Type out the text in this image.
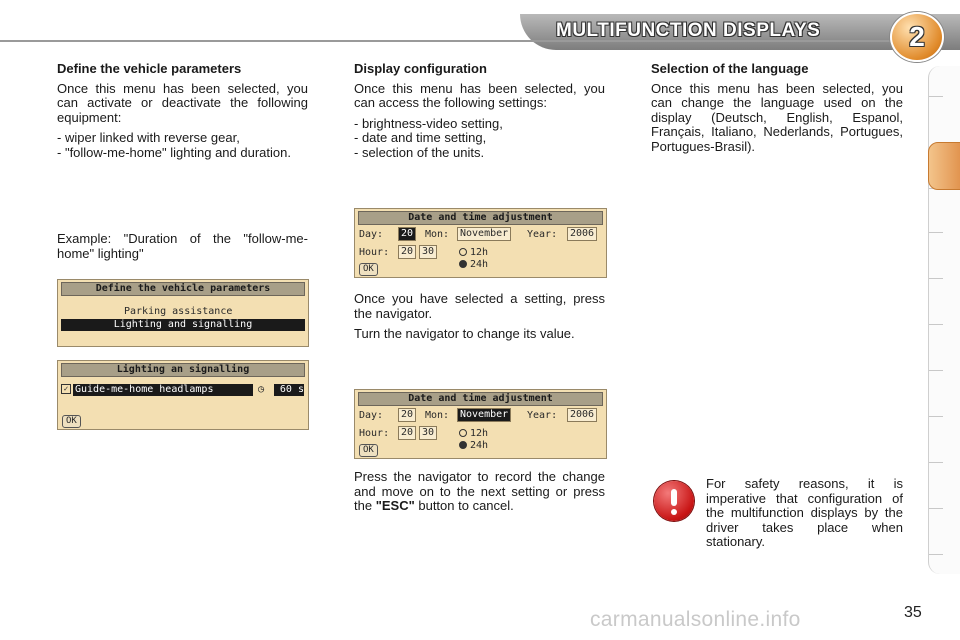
MULTIFUNCTION DISPLAYS	2
Define the vehicle parameters

Once this menu has been selected, you can activate or deactivate the following equipment:

- wiper linked with reverse gear,
- "follow-me-home" lighting and duration.

Example: "Duration of the "follow-me-home" lighting"

Define the vehicle parameters
Parking assistance
Lighting and signalling
Lighting an signalling
✓ Guide-me-home headlamps	◷	60 s
OK
Display configuration

Once this menu has been selected, you can access the following settings:

- brightness-video setting,
- date and time setting,
- selection of the units.
Date and time adjustment
Day:	20	Mon:	November	Year:	2006
Hour:	20 30	12h
24h
OK

Once you have selected a setting, press the navigator.

Turn the navigator to change its value.

Date and time adjustment
Day:	20	Mon:	November	Year:	2006
Hour:	20 30	12h
24h
OK

Press the navigator to record the change and move on to the next setting or press the "ESC" button to cancel.

Selection of the language

Once this menu has been selected, you can change the language used on the display (Deutsch, English, Espanol, Français, Italiano, Nederlands, Portugues, Portugues-Brasil).

For safety reasons, it is imperative that configuration of the multifunction displays by the driver takes place when stationary.

carmanualsonline.info	35
